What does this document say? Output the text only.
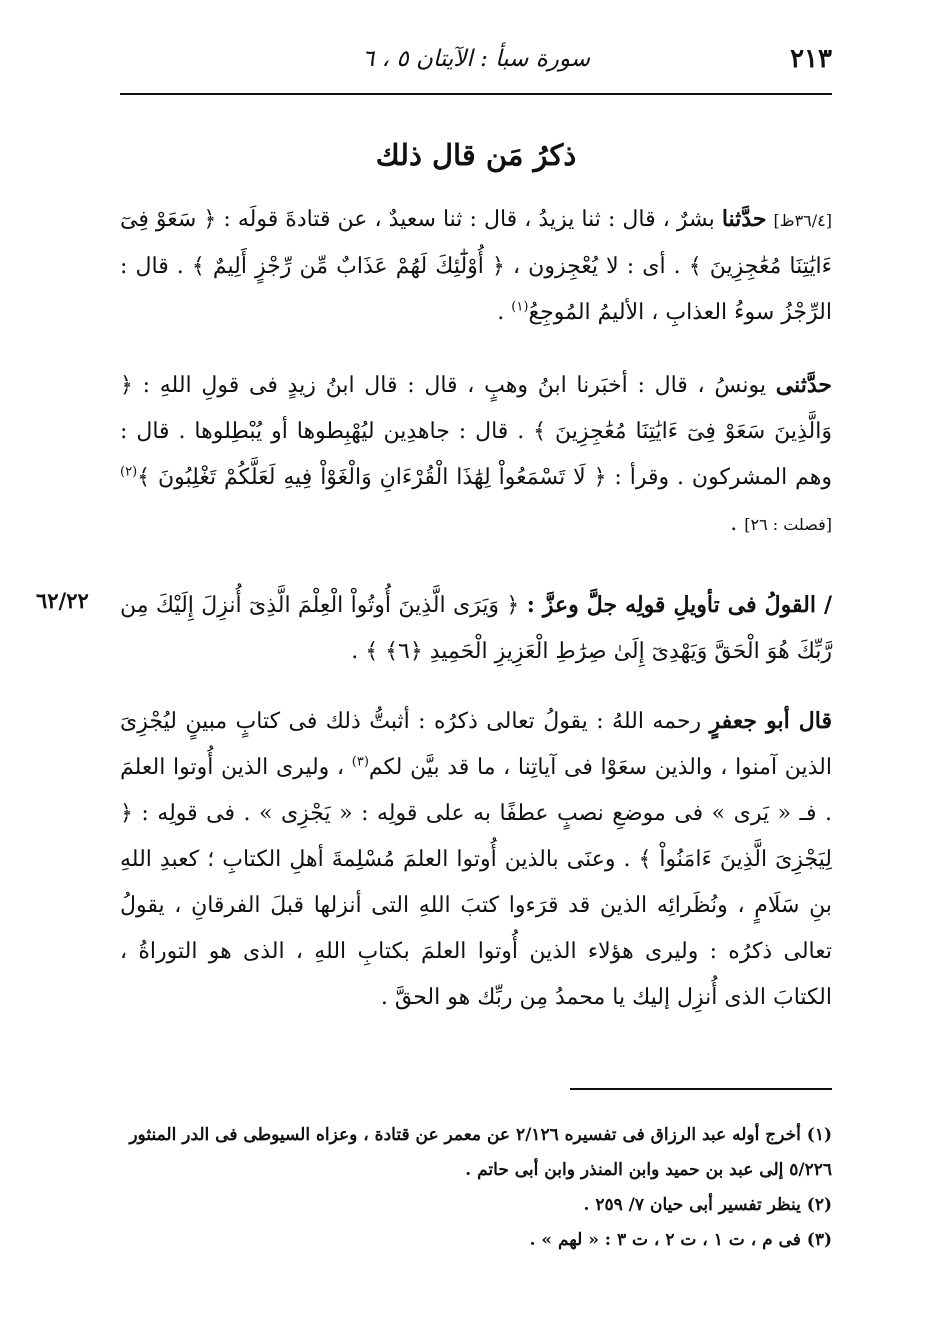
٢١٣
سورة سبأ : الآيتان ٥ ، ٦
ذكرُ مَن قال ذلك
[٣٦/٤ظ] حدَّثنا بشرٌ ، قال : ثنا يزيدُ ، قال : ثنا سعيدٌ ، عن قتادةَ قولَه : ﴿ سَعَوْ فِىٓ ءَايَٰتِنَا مُعَٰجِزِينَ ﴾ . أى : لا يُعْجِزون ، ﴿ أُوْلَٰٓئِكَ لَهُمْ عَذَابٌ مِّن رِّجْزٍ أَلِيمٌ ﴾ . قال : الرِّجْزُ سوءُ العذابِ ، الأليمُ المُوجِعُ$^{(١)}$ .
حدَّثنى يونسُ ، قال : أخبَرنا ابنُ وهبٍ ، قال : قال ابنُ زيدٍ فى قولِ اللهِ : ﴿ وَالَّذِينَ سَعَوْ فِىٓ ءَايَٰتِنَا مُعَٰجِزِينَ ﴾ . قال : جاهدِين ليُهْبِطوها أو يُبْطِلوها . قال : وهم المشركون . وقرأ : ﴿ لَا تَسْمَعُواْ لِهَٰذَا الْقُرْءَانِ وَالْغَوْاْ فِيهِ لَعَلَّكُمْ تَغْلِبُونَ ﴾$^{(٢)}$ [فصلت : ٢٦] .
٦٢/٢٢	/ القولُ فى تأويلِ قولِه جلَّ وعزَّ : ﴿ وَيَرَى الَّذِينَ أُوتُواْ الْعِلْمَ الَّذِىٓ أُنزِلَ إِلَيْكَ مِن رَّبِّكَ هُوَ الْحَقَّ وَيَهْدِىٓ إِلَىٰ صِرَٰطِ الْعَزِيزِ الْحَمِيدِ ﴿٦﴾ ﴾ .
قال أبو جعفرٍ رحمه اللهُ : يقولُ تعالى ذكرُه : أثبتُّ ذلك فى كتابٍ مبينٍ ليُجْزِىَ الذين آمنوا ، والذين سعَوْا فى آياتِنا ، ما قد بيَّن لكم$^{(٣)}$ ، وليرى الذين أُوتوا العلمَ . فـ « يَرى » فى موضعِ نصبٍ عطفًا به على قولِه : « يَجْزِى » . فى قولِه : ﴿ لِيَجْزِىَ الَّذِينَ ءَامَنُواْ ﴾ . وعنَى بالذين أُوتوا العلمَ مُسْلِمةَ أهلِ الكتابِ ؛ كعبدِ اللهِ بنِ سَلَامٍ ، ونُظَرائِه الذين قد قرَءوا كتبَ اللهِ التى أنزلها قبلَ الفرقانِ ، يقولُ تعالى ذكرُه : وليرى هؤلاء الذين أُوتوا العلمَ بكتابِ اللهِ ، الذى هو التوراةُ ، الكتابَ الذى أُنزِل إليك يا محمدُ مِن ربِّك هو الحقَّ .

(١) أخرج أوله عبد الرزاق فى تفسيره ٢/١٢٦ عن معمر عن قتادة ، وعزاه السيوطى فى الدر المنثور ٥/٢٢٦ إلى عبد بن حميد وابن المنذر وابن أبى حاتم .

(٢) ينظر تفسير أبى حيان ٧/ ٢٥٩ .

(٣) فى م ، ت ١ ، ت ٢ ، ت ٣ : « لهم » .
